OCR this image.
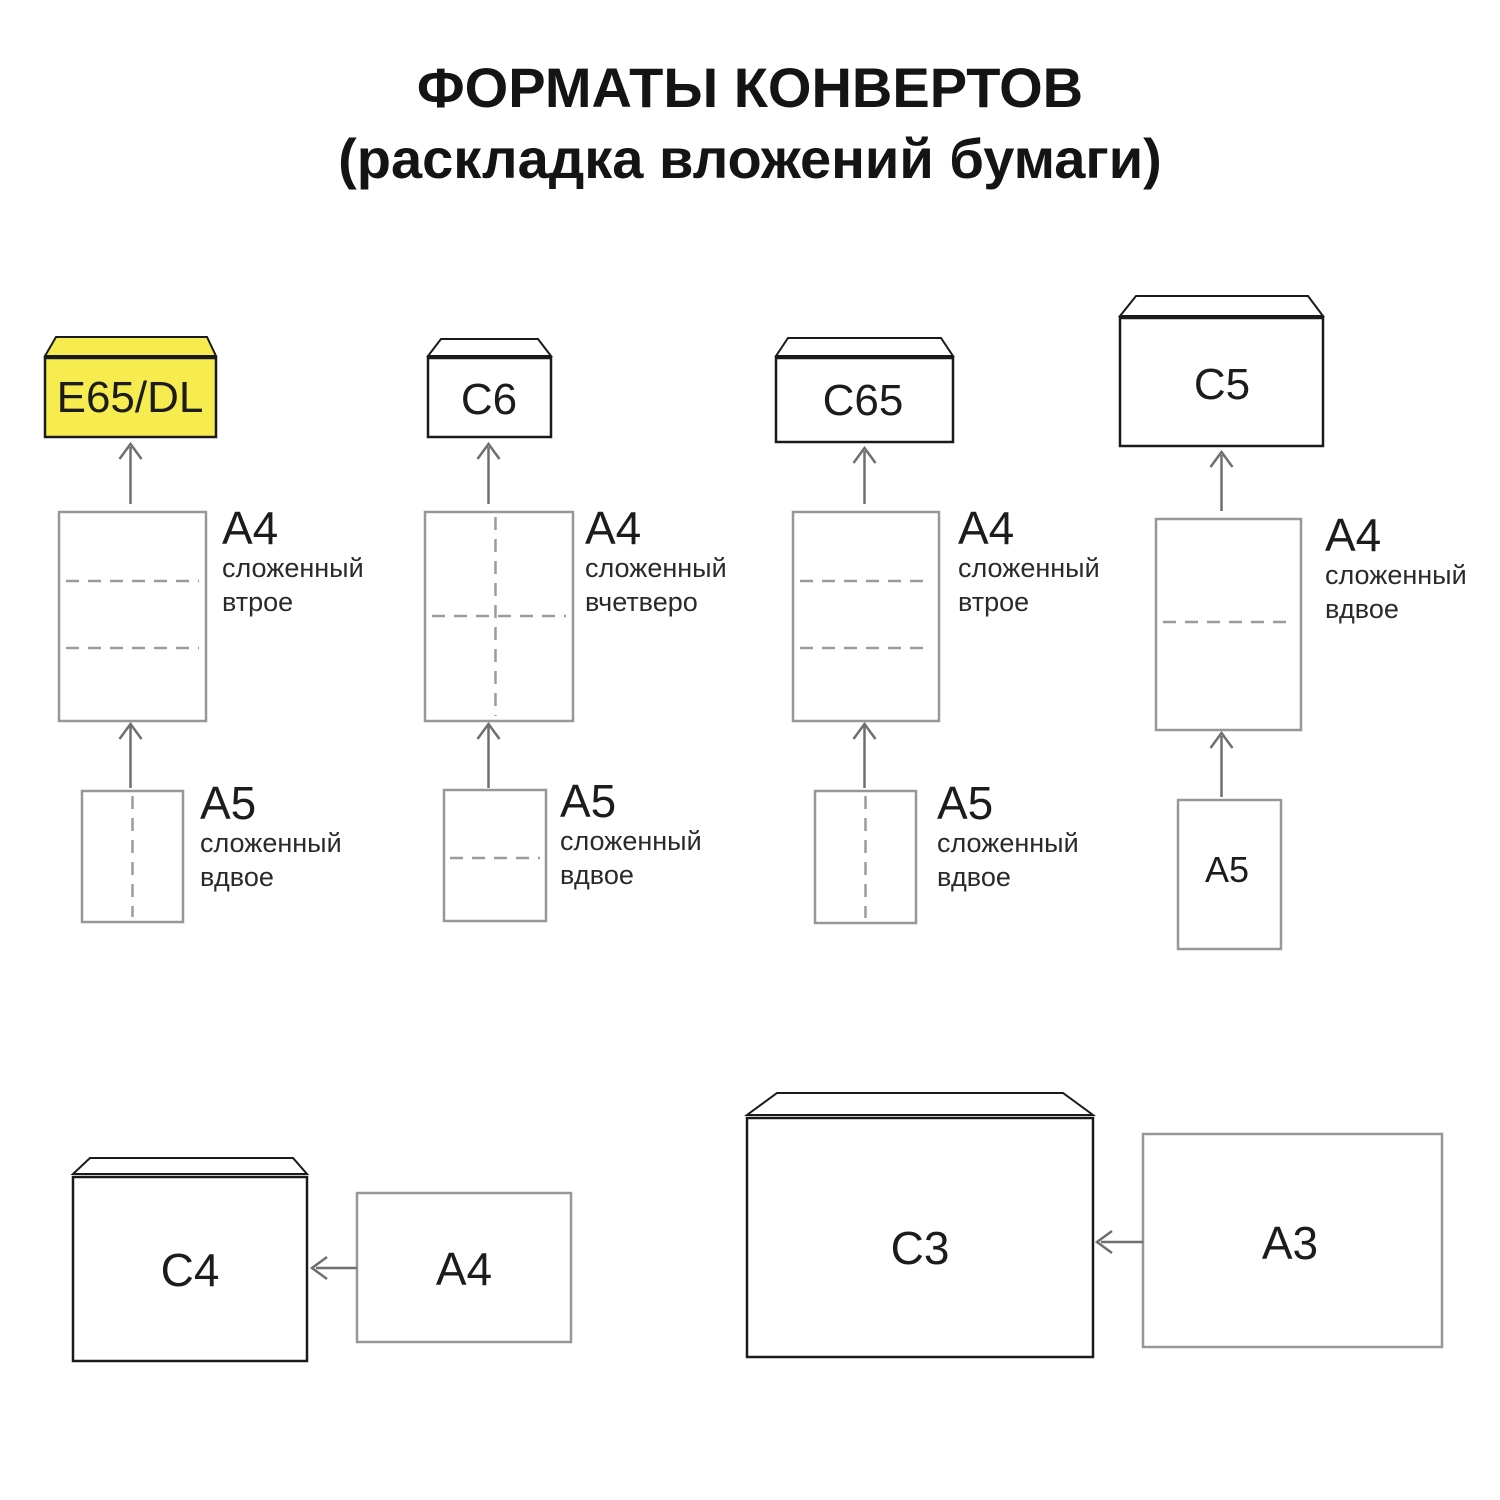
ФОРМАТЫ КОНВЕРТОВ
(раскладка вложений бумаги)
E65/DL	C6	C65	C5
C4	C3
A4	A3
A5
A4
сложенный
втрое
A4
сложенный
вчетверо
A4
сложенный
втрое
A4
сложенный
вдвое
A5
сложенный
вдвое
A5
сложенный
вдвое
A5
сложенный
вдвое
